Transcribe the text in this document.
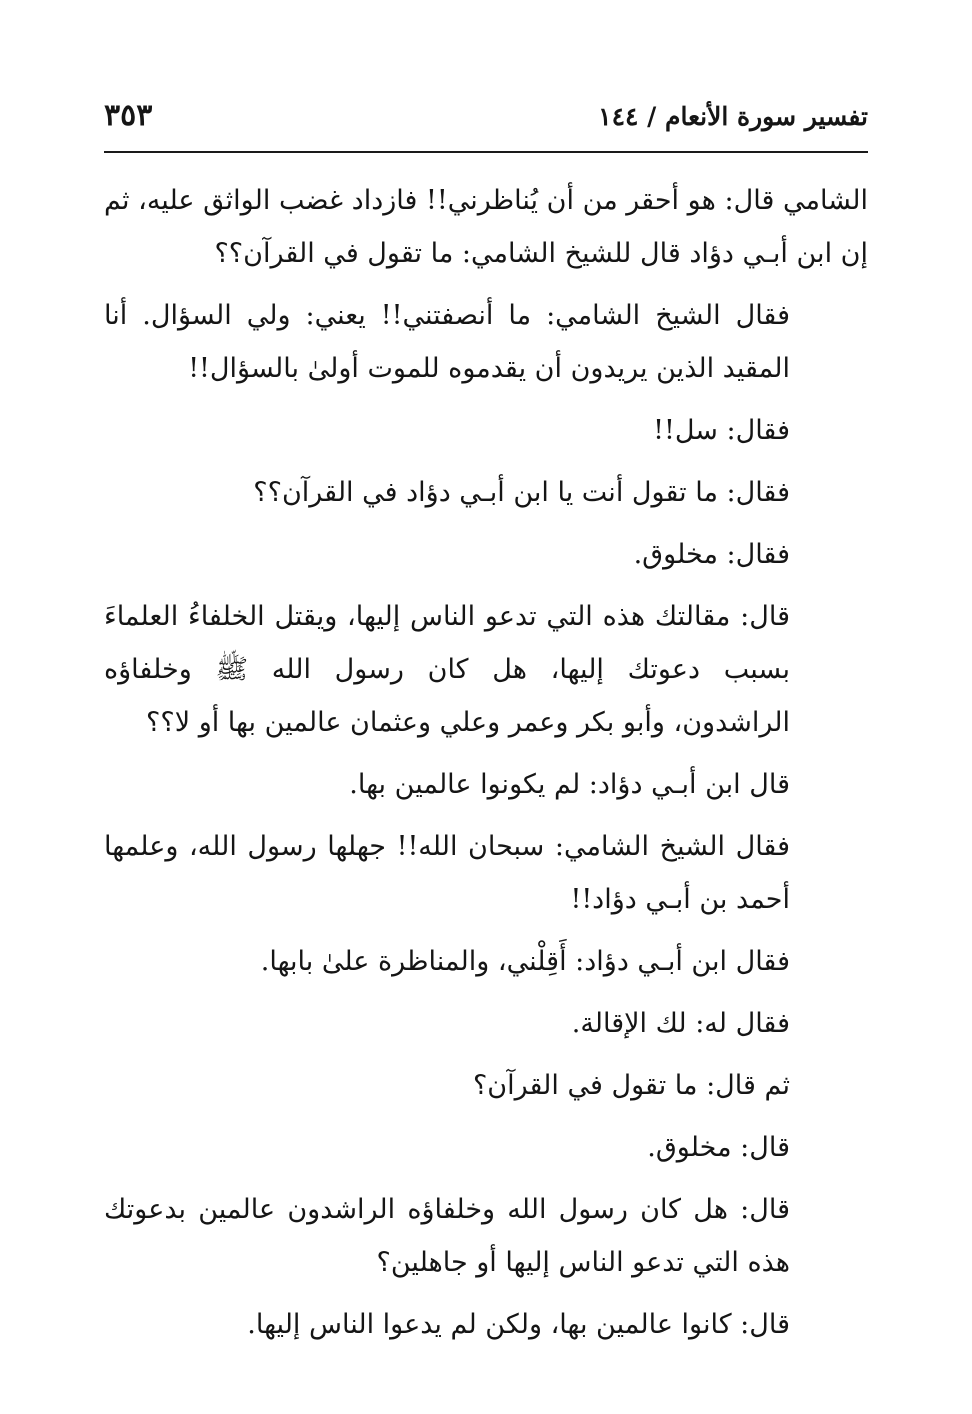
تفسير سورة الأنعام / ١٤٤
٣٥٣

الشامي قال: هو أحقر من أن يُناظرني!! فازداد غضب الواثق عليه، ثم إن ابن أبـي دؤاد قال للشيخ الشامي: ما تقول في القرآن؟؟

فقال الشيخ الشامي: ما أنصفتني!! يعني: ولي السؤال. أنا المقيد الذين يريدون أن يقدموه للموت أولىٰ بالسؤال!!

فقال: سل!!

فقال: ما تقول أنت يا ابن أبـي دؤاد في القرآن؟؟

فقال: مخلوق.

قال: مقالتك هذه التي تدعو الناس إليها، ويقتل الخلفاءُ العلماءَ بسبب دعوتك إليها، هل كان رسول الله ﷺ وخلفاؤه الراشدون، وأبو بكر وعمر وعلي وعثمان عالمين بها أو لا؟؟

قال ابن أبـي دؤاد: لم يكونوا عالمين بها.

فقال الشيخ الشامي: سبحان الله!! جهلها رسول الله، وعلمها أحمد بن أبـي دؤاد!!

فقال ابن أبـي دؤاد: أَقِلْني، والمناظرة علىٰ بابها.

فقال له: لك الإقالة.

ثم قال: ما تقول في القرآن؟

قال: مخلوق.

قال: هل كان رسول الله وخلفاؤه الراشدون عالمين بدعوتك هذه التي تدعو الناس إليها أو جاهلين؟

قال: كانوا عالمين بها، ولكن لم يدعوا الناس إليها.
